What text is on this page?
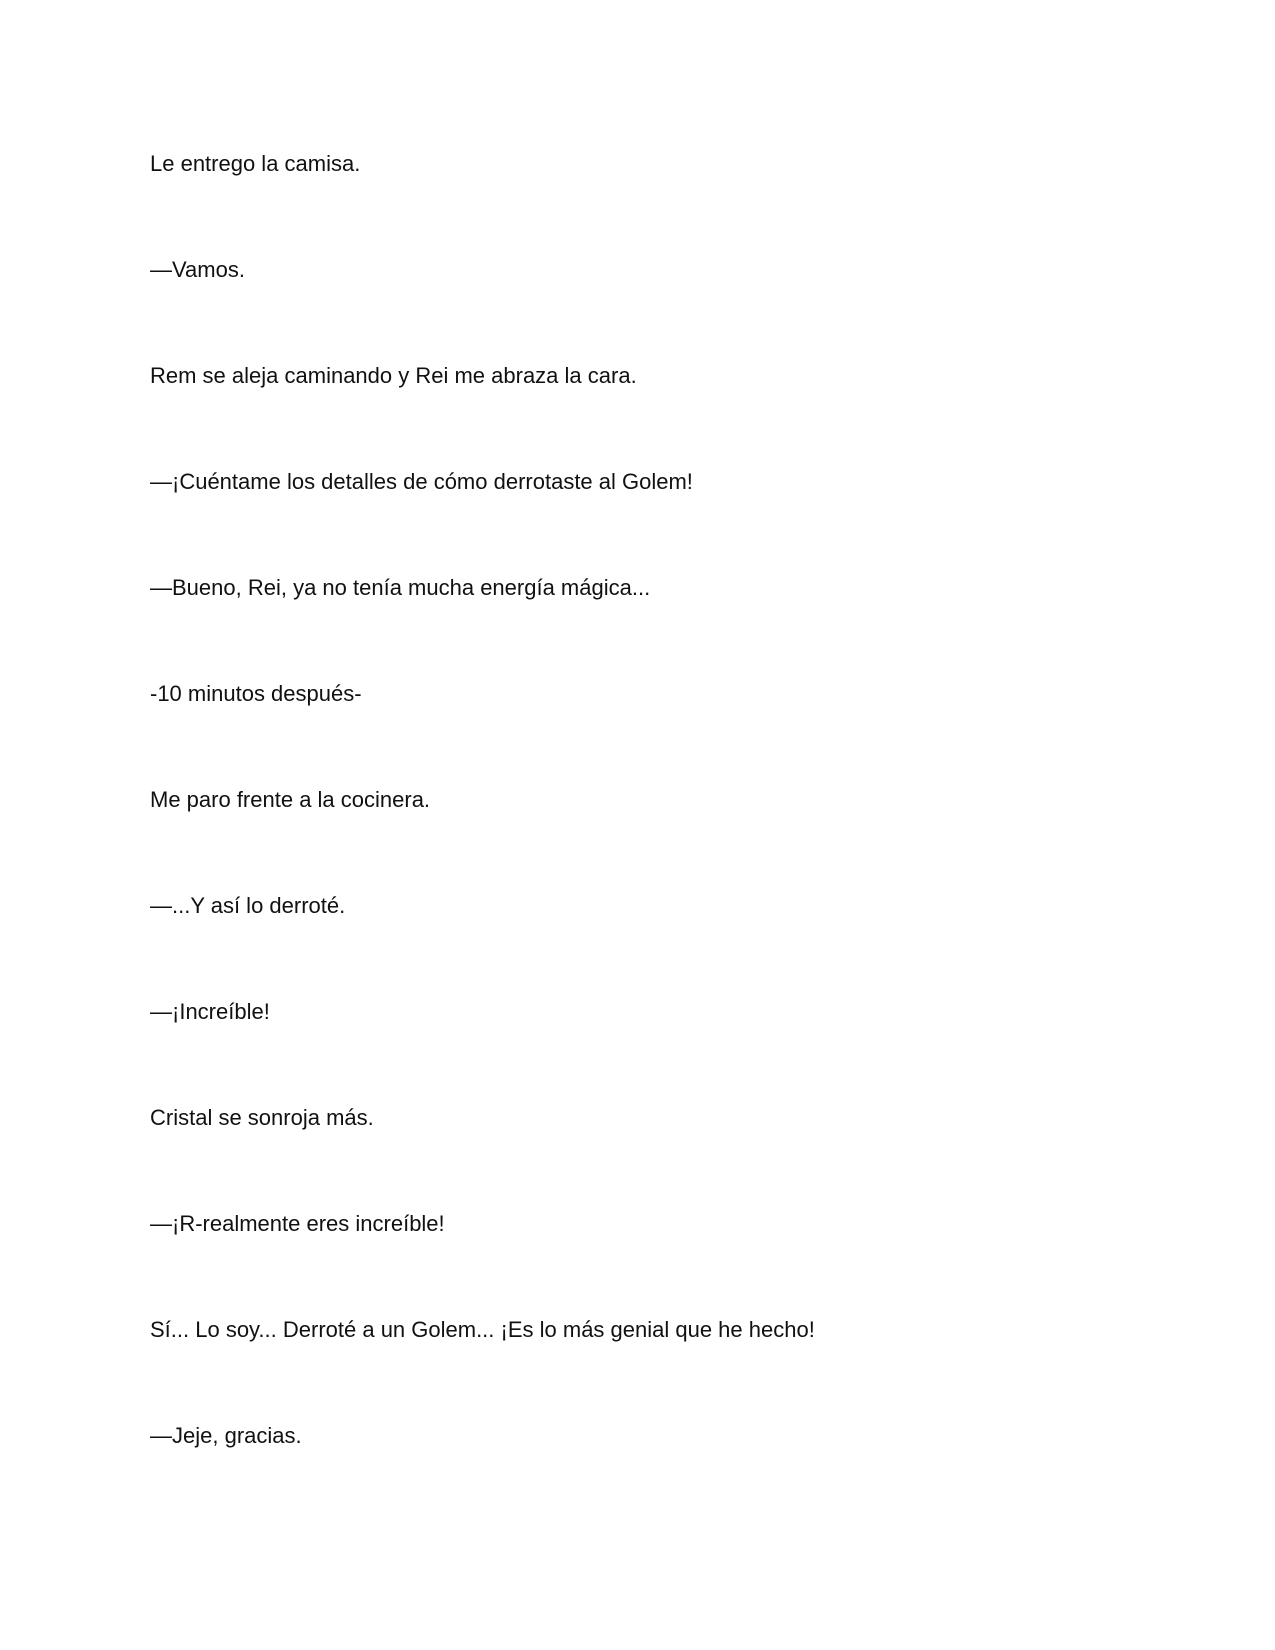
Le entrego la camisa.

—Vamos.

Rem se aleja caminando y Rei me abraza la cara.

—¡Cuéntame los detalles de cómo derrotaste al Golem!

—Bueno, Rei, ya no tenía mucha energía mágica...

-10 minutos después-

Me paro frente a la cocinera.

—...Y así lo derroté.

—¡Increíble!

Cristal se sonroja más.

—¡R-realmente eres increíble!

Sí... Lo soy... Derroté a un Golem... ¡Es lo más genial que he hecho!

—Jeje, gracias.
